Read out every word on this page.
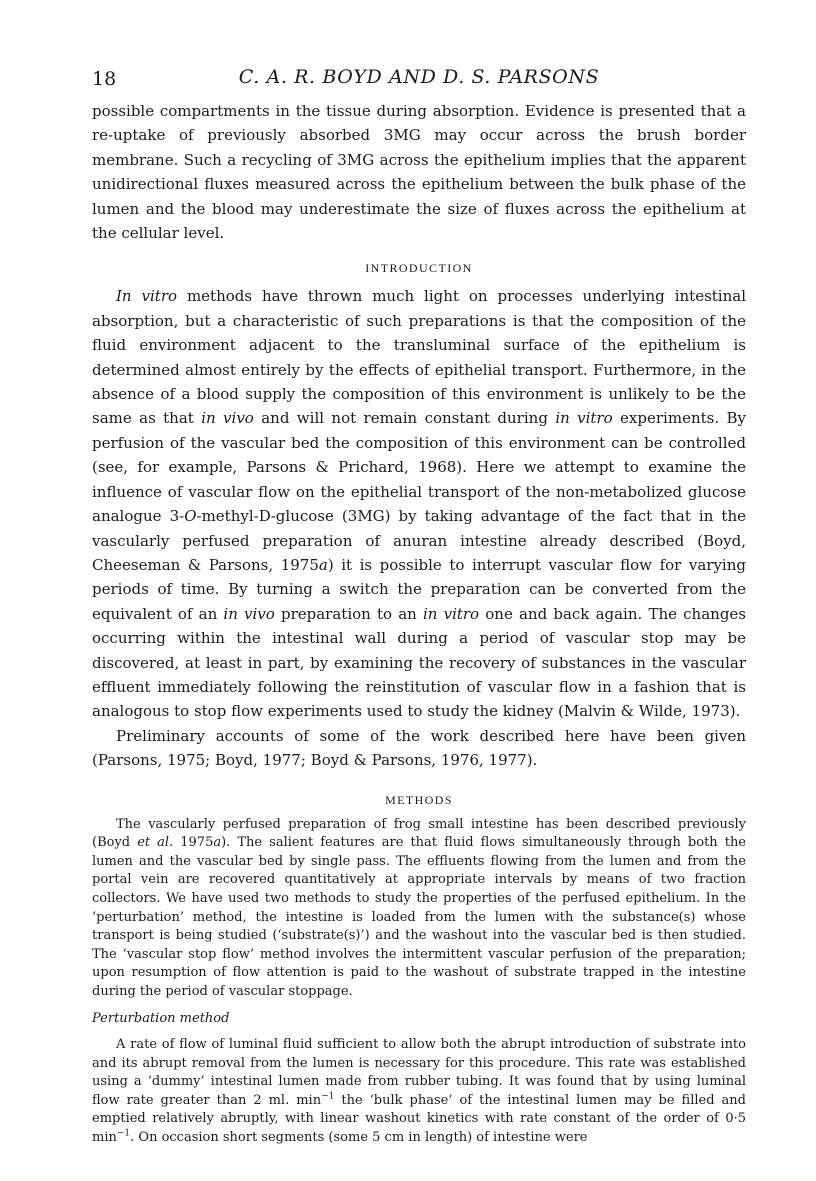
18	C. A. R. BOYD AND D. S. PARSONS

possible compartments in the tissue during absorption. Evidence is presented that a re-uptake of previously absorbed 3MG may occur across the brush border membrane. Such a recycling of 3MG across the epithelium implies that the apparent unidirectional fluxes measured across the epithelium between the bulk phase of the lumen and the blood may underestimate the size of fluxes across the epithelium at the cellular level.

INTRODUCTION

In vitro methods have thrown much light on processes underlying intestinal absorption, but a characteristic of such preparations is that the composition of the fluid environment adjacent to the transluminal surface of the epithelium is determined almost entirely by the effects of epithelial transport. Furthermore, in the absence of a blood supply the composition of this environment is unlikely to be the same as that in vivo and will not remain constant during in vitro experiments. By perfusion of the vascular bed the composition of this environment can be controlled (see, for example, Parsons & Prichard, 1968). Here we attempt to examine the influence of vascular flow on the epithelial transport of the non-metabolized glucose analogue 3-O-methyl-D-glucose (3MG) by taking advantage of the fact that in the vascularly perfused preparation of anuran intestine already described (Boyd, Cheeseman & Parsons, 1975a) it is possible to interrupt vascular flow for varying periods of time. By turning a switch the preparation can be converted from the equivalent of an in vivo preparation to an in vitro one and back again. The changes occurring within the intestinal wall during a period of vascular stop may be discovered, at least in part, by examining the recovery of substances in the vascular effluent immediately following the reinstitution of vascular flow in a fashion that is analogous to stop flow experiments used to study the kidney (Malvin & Wilde, 1973).

Preliminary accounts of some of the work described here have been given (Parsons, 1975; Boyd, 1977; Boyd & Parsons, 1976, 1977).

METHODS

The vascularly perfused preparation of frog small intestine has been described previously (Boyd et al. 1975a). The salient features are that fluid flows simultaneously through both the lumen and the vascular bed by single pass. The effluents flowing from the lumen and from the portal vein are recovered quantitatively at appropriate intervals by means of two fraction collectors. We have used two methods to study the properties of the perfused epithelium. In the ‘perturbation’ method, the intestine is loaded from the lumen with the substance(s) whose transport is being studied (‘substrate(s)’) and the washout into the vascular bed is then studied. The ‘vascular stop flow’ method involves the intermittent vascular perfusion of the preparation; upon resumption of flow attention is paid to the washout of substrate trapped in the intestine during the period of vascular stoppage.

Perturbation method

A rate of flow of luminal fluid sufficient to allow both the abrupt introduction of substrate into and its abrupt removal from the lumen is necessary for this procedure. This rate was established using a ‘dummy’ intestinal lumen made from rubber tubing. It was found that by using luminal flow rate greater than 2 ml. $\min^{-1}$ the ‘bulk phase’ of the intestinal lumen may be filled and emptied relatively abruptly, with linear washout kinetics with rate constant of the order of 0·5 $\min^{-1}$. On occasion short segments (some 5 cm in length) of intestine were
